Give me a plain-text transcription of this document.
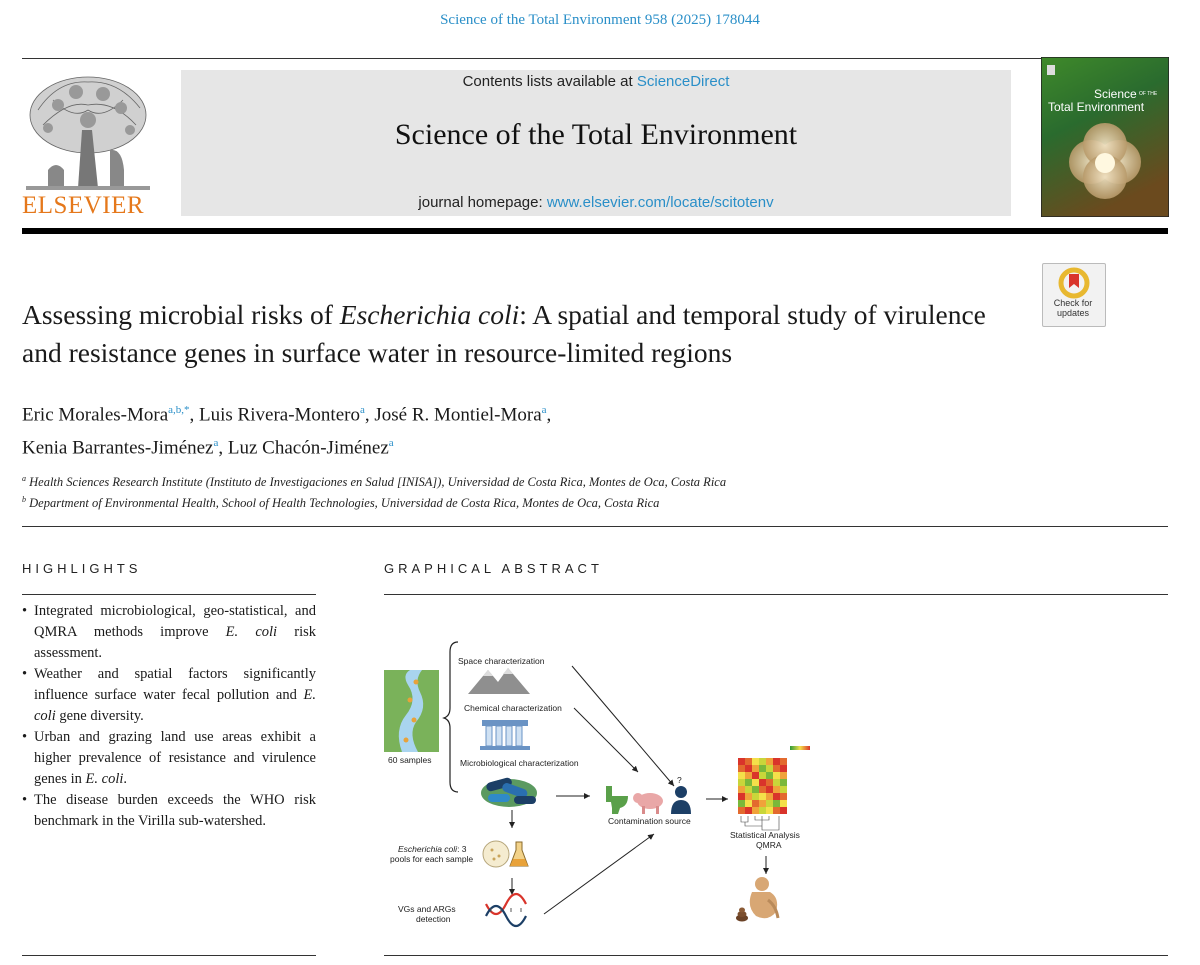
Science of the Total Environment 958 (2025) 178044
ELSEVIER
Contents lists available at ScienceDirect
Science of the Total Environment
journal homepage: www.elsevier.com/locate/scitotenv
Science OF THE
Total Environment
Check for updates
Assessing microbial risks of Escherichia coli: A spatial and temporal study of virulence and resistance genes in surface water in resource-limited regions
Eric Morales-Mora$^{a,b,*}$, Luis Rivera-Montero$^a$, José R. Montiel-Mora$^a$,
Kenia Barrantes-Jiménez$^a$, Luz Chacón-Jiménez$^a$
$^a$ Health Sciences Research Institute (Instituto de Investigaciones en Salud [INISA]), Universidad de Costa Rica, Montes de Oca, Costa Rica
$^b$ Department of Environmental Health, School of Health Technologies, Universidad de Costa Rica, Montes de Oca, Costa Rica
HIGHLIGHTS	GRAPHICAL ABSTRACT
• Integrated microbiological, geo-statistical, and QMRA methods improve E. coli risk assessment.
• Weather and spatial factors significantly influence surface water fecal pollution and E. coli gene diversity.
• Urban and grazing land use areas exhibit a higher prevalence of resistance and virulence genes in E. coli.
• The disease burden exceeds the WHO risk benchmark in the Virilla sub-watershed.
60 samples
Space characterization
Chemical characterization
Microbiological characterization
Escherichia coli: 3
pools for each sample
VGs and ARGs
detection
?
Contamination source
Statistical Analysis
QMRA
